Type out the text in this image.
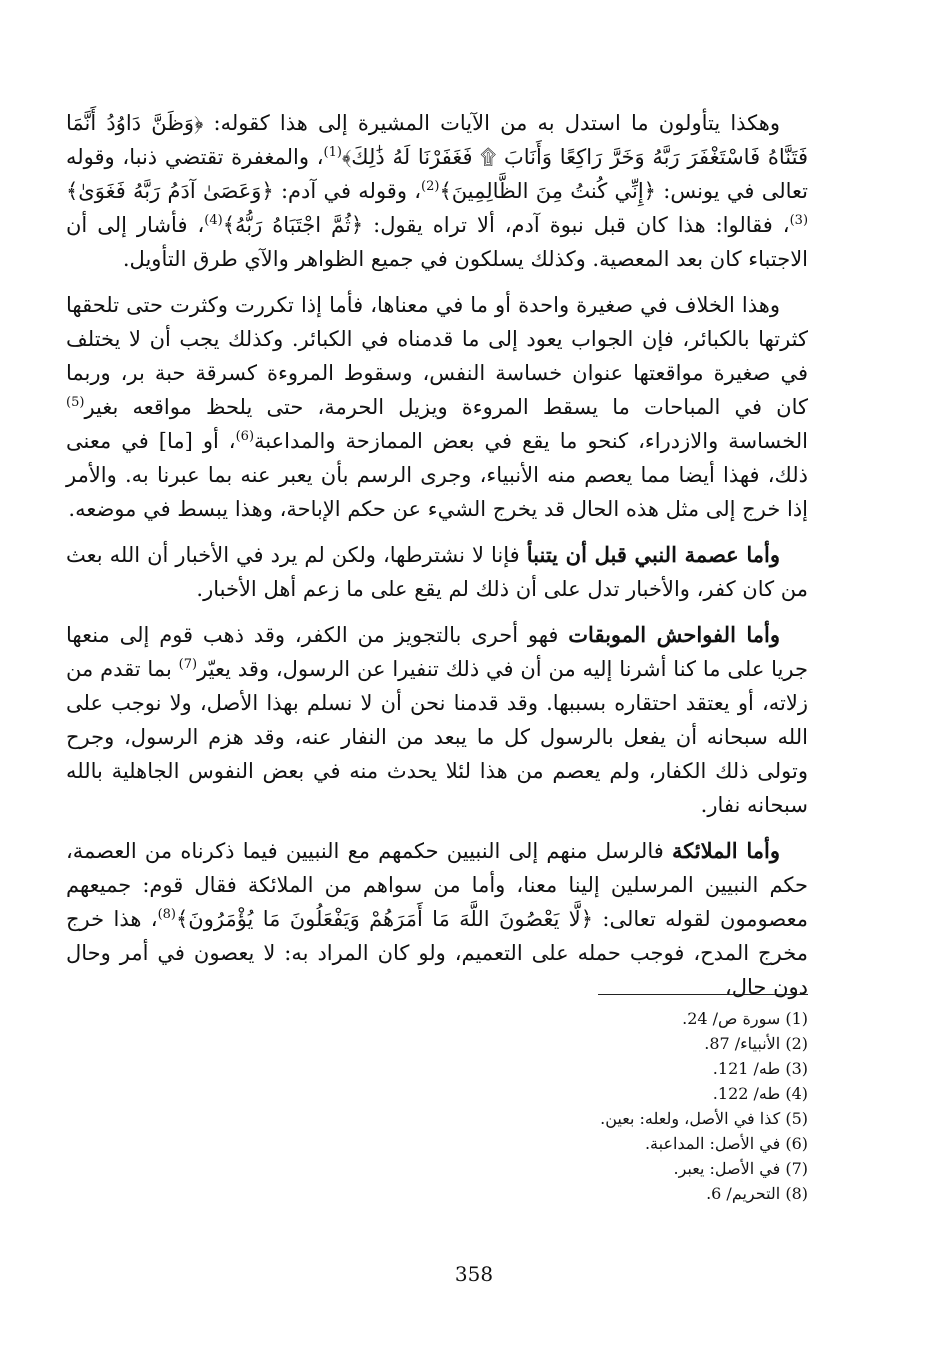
وهكذا يتأولون ما استدل به من الآيات المشيرة إلى هذا كقوله: ﴿وَظَنَّ دَاوُدُ أَنَّمَا فَتَنَّاهُ فَاسْتَغْفَرَ رَبَّهُ وَخَرَّ رَاكِعًا وَأَنَابَ ۩ فَغَفَرْنَا لَهُ ذَٰلِكَ﴾$^{(1)}$، والمغفرة تقتضي ذنبا، وقوله تعالى في يونس: ﴿إِنِّي كُنتُ مِنَ الظَّالِمِينَ﴾$^{(2)}$، وقوله في آدم: ﴿وَعَصَىٰ آدَمُ رَبَّهُ فَغَوَىٰ﴾$^{(3)}$، فقالوا: هذا كان قبل نبوة آدم، ألا تراه يقول: ﴿ثُمَّ اجْتَبَاهُ رَبُّهُ﴾$^{(4)}$، فأشار إلى أن الاجتباء كان بعد المعصية. وكذلك يسلكون في جميع الظواهر والآي طرق التأويل.

وهذا الخلاف في صغيرة واحدة أو ما في معناها، فأما إذا تكررت وكثرت حتى تلحقها كثرتها بالكبائر، فإن الجواب يعود إلى ما قدمناه في الكبائر. وكذلك يجب أن لا يختلف في صغيرة مواقعتها عنوان خساسة النفس، وسقوط المروءة كسرقة حبة بر، وربما كان في المباحات ما يسقط المروءة ويزيل الحرمة، حتى يلحظ مواقعه بغير$^{(5)}$ الخساسة والازدراء، كنحو ما يقع في بعض الممازحة والمداعبة$^{(6)}$، أو [ما] في معنى ذلك، فهذا أيضا مما يعصم منه الأنبياء، وجرى الرسم بأن يعبر عنه بما عبرنا به. والأمر إذا خرج إلى مثل هذه الحال قد يخرج الشيء عن حكم الإباحة، وهذا يبسط في موضعه.

وأما عصمة النبي قبل أن يتنبأ فإنا لا نشترطها، ولكن لم يرد في الأخبار أن الله بعث من كان كفر، والأخبار تدل على أن ذلك لم يقع على ما زعم أهل الأخبار.

وأما الفواحش الموبقات فهو أحرى بالتجويز من الكفر، وقد ذهب قوم إلى منعها جريا على ما كنا أشرنا إليه من أن في ذلك تنفيرا عن الرسول، وقد يعيّر$^{(7)}$ بما تقدم من زلاته، أو يعتقد احتقاره بسببها. وقد قدمنا نحن أن لا نسلم بهذا الأصل، ولا نوجب على الله سبحانه أن يفعل بالرسول كل ما يبعد من النفار عنه، وقد هزم الرسول، وجرح وتولى ذلك الكفار، ولم يعصم من هذا لئلا يحدث منه في بعض النفوس الجاهلية بالله سبحانه نفار.

وأما الملائكة فالرسل منهم إلى النبيين حكمهم مع النبيين فيما ذكرناه من العصمة، حكم النبيين المرسلين إلينا معنا، وأما من سواهم من الملائكة فقال قوم: جميعهم معصومون لقوله تعالى: ﴿لَّا يَعْصُونَ اللَّهَ مَا أَمَرَهُمْ وَيَفْعَلُونَ مَا يُؤْمَرُونَ﴾$^{(8)}$، هذا خرج مخرج المدح، فوجب حمله على التعميم، ولو كان المراد به: لا يعصون في أمر وحال دون حال،

(1) سورة ص/ 24.
(2) الأنبياء/ 87.
(3) طه/ 121.
(4) طه/ 122.
(5) كذا في الأصل، ولعله: بعين.
(6) في الأصل: المداعبة.
(7) في الأصل: يعبر.
(8) التحريم/ 6.
358
